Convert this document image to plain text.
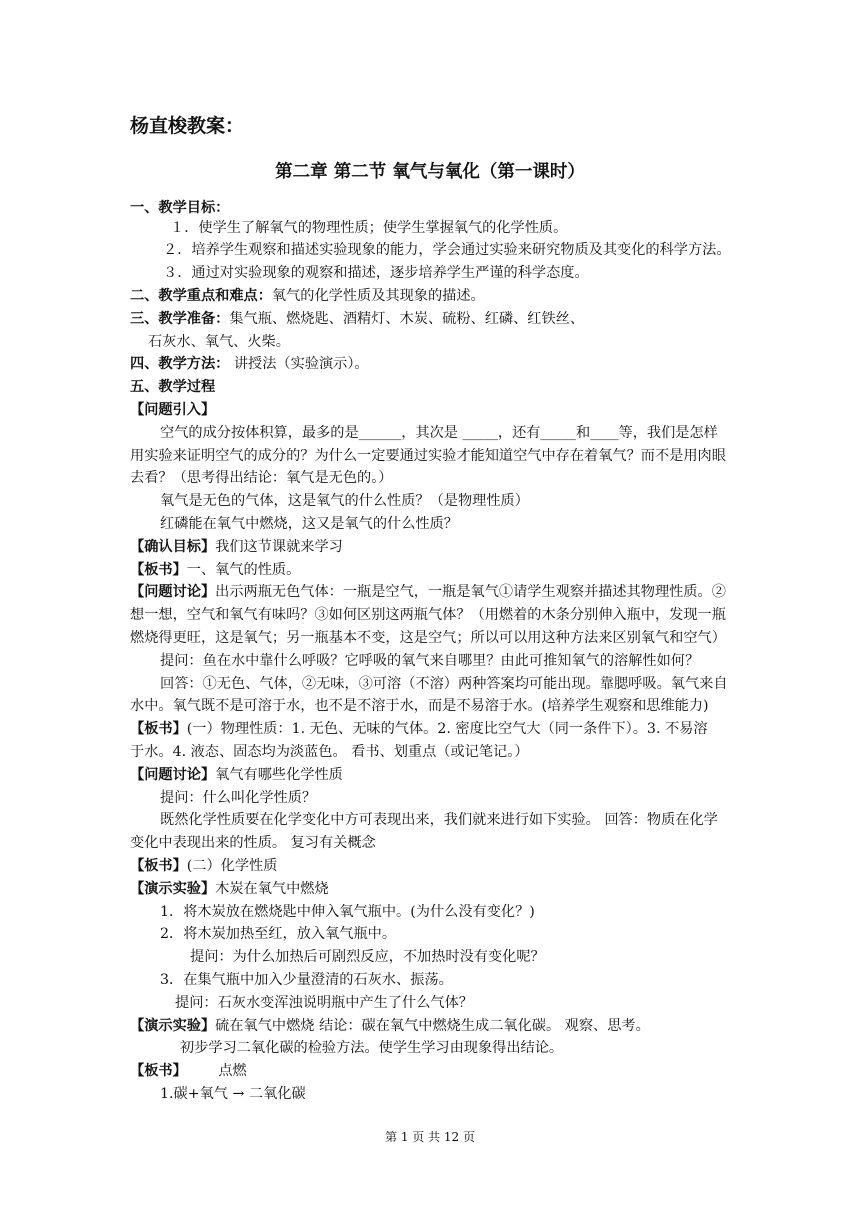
杨直梭教案：
第二章 第二节 氧气与氧化（第一课时）
一、教学目标：
１．使学生了解氧气的物理性质；使学生掌握氧气的化学性质。
２．培养学生观察和描述实验现象的能力，学会通过实验来研究物质及其变化的科学方法。
３．通过对实验现象的观察和描述，逐步培养学生严谨的科学态度。
二、教学重点和难点：氧气的化学性质及其现象的描述。
三、教学准备：集气瓶、燃烧匙、酒精灯、木炭、硫粉、红磷、红铁丝、
石灰水、氧气、火柴。
四、教学方法： 讲授法（实验演示）。
五、教学过程
【问题引入】
空气的成分按体积算，最多的是______，其次是 _____，还有_____和____等，我们是怎样
用实验来证明空气的成分的？为什么一定要通过实验才能知道空气中存在着氧气？而不是用肉眼
去看？（思考得出结论：氧气是无色的。）
氧气是无色的气体，这是氧气的什么性质？（是物理性质）
红磷能在氧气中燃烧，这又是氧气的什么性质？
【确认目标】我们这节课就来学习
【板书】一、氧气的性质。
【问题讨论】出示两瓶无色气体：一瓶是空气，一瓶是氧气①请学生观察并描述其物理性质。②
想一想，空气和氧气有味吗？③如何区别这两瓶气体？（用燃着的木条分别伸入瓶中，发现一瓶
燃烧得更旺，这是氧气；另一瓶基本不变，这是空气；所以可以用这种方法来区别氧气和空气）
提问：鱼在水中靠什么呼吸？它呼吸的氧气来自哪里？由此可推知氧气的溶解性如何？
回答：①无色、气体，②无味，③可溶（不溶）两种答案均可能出现。靠腮呼吸。氧气来自
水中。氧气既不是可溶于水，也不是不溶于水，而是不易溶于水。(培养学生观察和思维能力)
【板书】(一）物理性质：1. 无色、无味的气体。2. 密度比空气大（同一条件下）。3. 不易溶
于水。4. 液态、固态均为淡蓝色。 看书、划重点（或记笔记。）
【问题讨论】氧气有哪些化学性质
提问：什么叫化学性质？
既然化学性质要在化学变化中方可表现出来，我们就来进行如下实验。 回答：物质在化学
变化中表现出来的性质。 复习有关概念
【板书】(二）化学性质
【演示实验】木炭在氧气中燃烧
1．将木炭放在燃烧匙中伸入氧气瓶中。(为什么没有变化？)
2．将木炭加热至红，放入氧气瓶中。
提问：为什么加热后可剧烈反应，不加热时没有变化呢？
3．在集气瓶中加入少量澄清的石灰水、振荡。
提问：石灰水变浑浊说明瓶中产生了什么气体？
【演示实验】硫在氧气中燃烧 结论：碳在氧气中燃烧生成二氧化碳。 观察、思考。
初步学习二氧化碳的检验方法。使学生学习由现象得出结论。
【板书】       点燃
1.碳+氧气 → 二氧化碳
第 1 页 共 12 页
